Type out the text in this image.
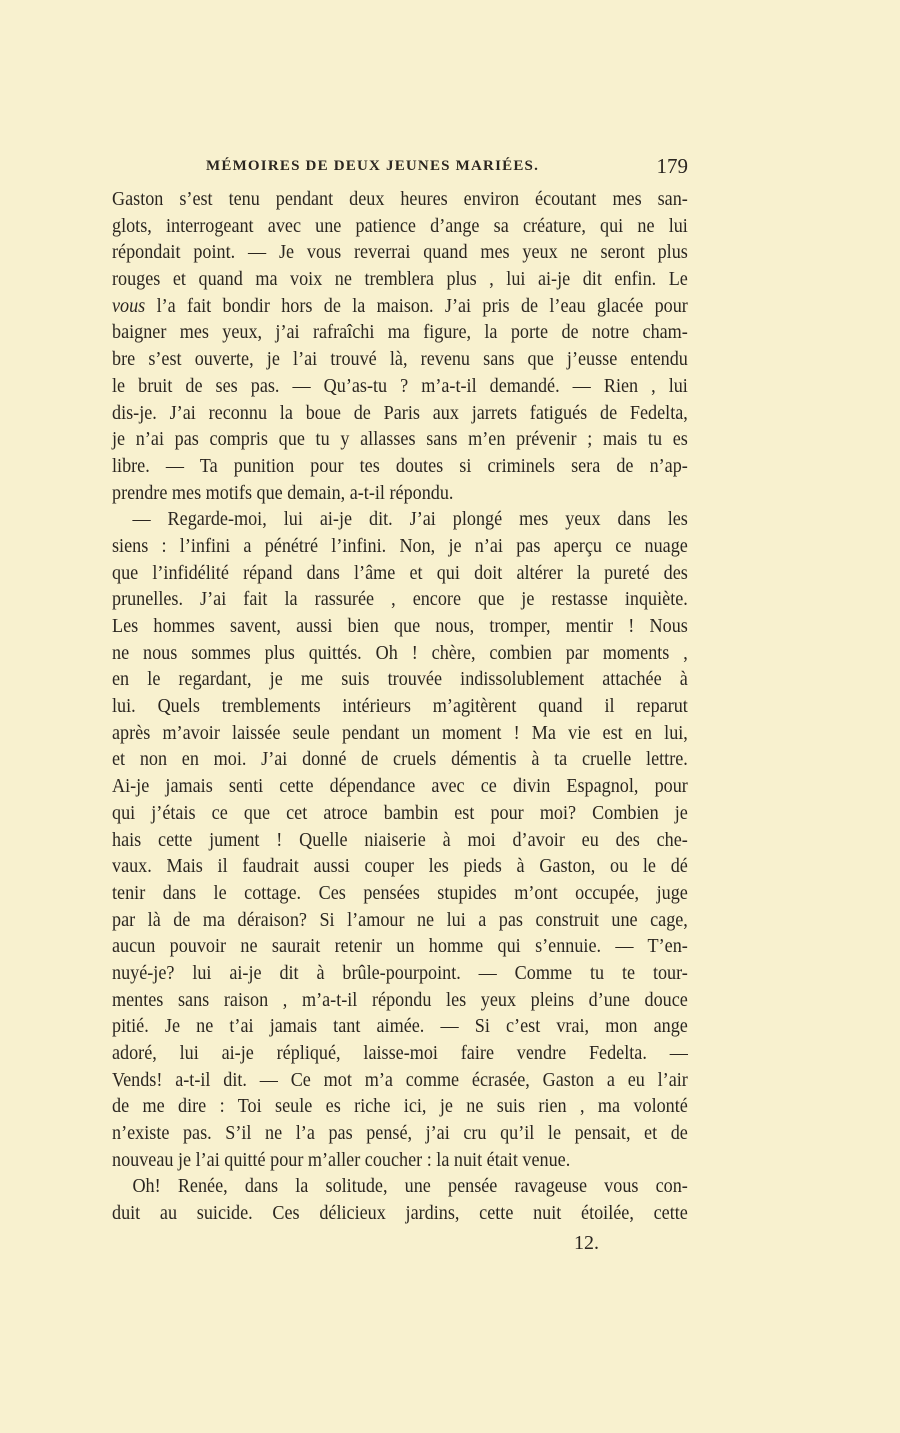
MÉMOIRES DE DEUX JEUNES MARIÉES.	179
Gaston s’est tenu pendant deux heures environ écoutant mes san-
glots, interrogeant avec une patience d’ange sa créature, qui ne lui
répondait point. — Je vous reverrai quand mes yeux ne seront plus
rouges et quand ma voix ne tremblera plus , lui ai-je dit enfin. Le
vous l’a fait bondir hors de la maison. J’ai pris de l’eau glacée pour
baigner mes yeux, j’ai rafraîchi ma figure, la porte de notre cham-
bre s’est ouverte, je l’ai trouvé là, revenu sans que j’eusse entendu
le bruit de ses pas. — Qu’as-tu ? m’a-t-il demandé. — Rien , lui
dis-je. J’ai reconnu la boue de Paris aux jarrets fatigués de Fedelta,
je n’ai pas compris que tu y allasses sans m’en prévenir ; mais tu es
libre. — Ta punition pour tes doutes si criminels sera de n’ap-
prendre mes motifs que demain, a-t-il répondu.
— Regarde-moi, lui ai-je dit. J’ai plongé mes yeux dans les
siens : l’infini a pénétré l’infini. Non, je n’ai pas aperçu ce nuage
que l’infidélité répand dans l’âme et qui doit altérer la pureté des
prunelles. J’ai fait la rassurée , encore que je restasse inquiète.
Les hommes savent, aussi bien que nous, tromper, mentir ! Nous
ne nous sommes plus quittés. Oh ! chère, combien par moments ,
en le regardant, je me suis trouvée indissolublement attachée à
lui. Quels tremblements intérieurs m’agitèrent quand il reparut
après m’avoir laissée seule pendant un moment ! Ma vie est en lui,
et non en moi. J’ai donné de cruels démentis à ta cruelle lettre.
Ai-je jamais senti cette dépendance avec ce divin Espagnol, pour
qui j’étais ce que cet atroce bambin est pour moi? Combien je
hais cette jument ! Quelle niaiserie à moi d’avoir eu des che-
vaux. Mais il faudrait aussi couper les pieds à Gaston, ou le dé
tenir dans le cottage. Ces pensées stupides m’ont occupée, juge
par là de ma déraison? Si l’amour ne lui a pas construit une cage,
aucun pouvoir ne saurait retenir un homme qui s’ennuie. — T’en-
nuyé-je? lui ai-je dit à brûle-pourpoint. — Comme tu te tour-
mentes sans raison , m’a-t-il répondu les yeux pleins d’une douce
pitié. Je ne t’ai jamais tant aimée. — Si c’est vrai, mon ange
adoré, lui ai-je répliqué, laisse-moi faire vendre Fedelta. —
Vends! a-t-il dit. — Ce mot m’a comme écrasée, Gaston a eu l’air
de me dire : Toi seule es riche ici, je ne suis rien , ma volonté
n’existe pas. S’il ne l’a pas pensé, j’ai cru qu’il le pensait, et de
nouveau je l’ai quitté pour m’aller coucher : la nuit était venue.
Oh! Renée, dans la solitude, une pensée ravageuse vous con-
duit au suicide. Ces délicieux jardins, cette nuit étoilée, cette
12.
